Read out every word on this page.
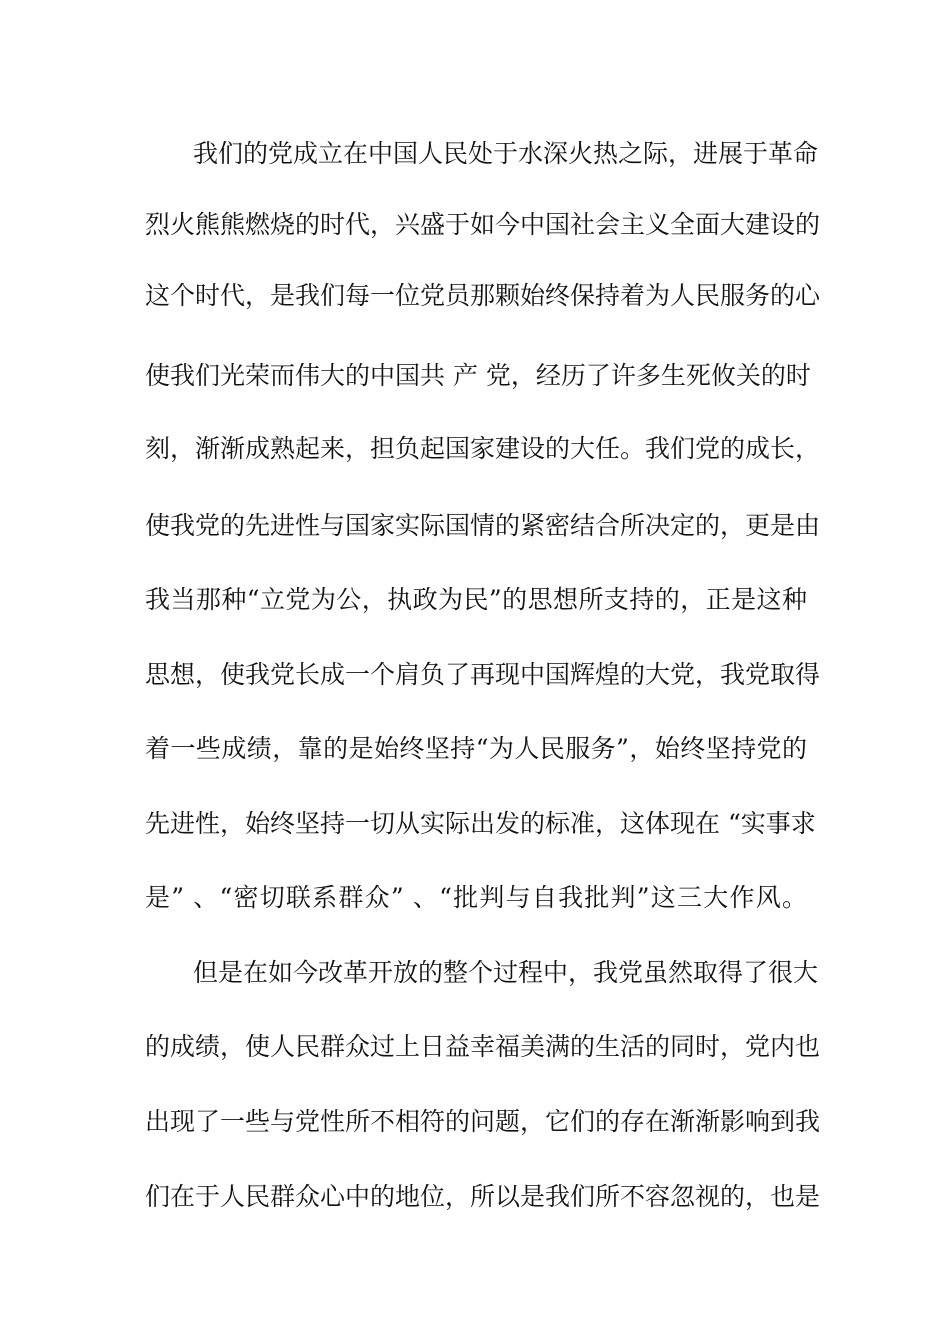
我们的党成立在中国人民处于水深火热之际，进展于革命
烈火熊熊燃烧的时代，兴盛于如今中国社会主义全面大建设的
这个时代，是我们每一位党员那颗始终保持着为人民服务的心
使我们光荣而伟大的中国共 产 党，经历了许多生死攸关的时
刻，渐渐成熟起来，担负起国家建设的大任。我们党的成长，
使我党的先进性与国家实际国情的紧密结合所决定的，更是由
我当那种“立党为公，执政为民”的思想所支持的，正是这种
思想，使我党长成一个肩负了再现中国辉煌的大党，我党取得
着一些成绩，靠的是始终坚持“为人民服务”，始终坚持党的
先进性，始终坚持一切从实际出发的标准，这体现在 “实事求
是” 、“密切联系群众” 、“批判与自我批判”这三大作风。
但是在如今改革开放的整个过程中，我党虽然取得了很大
的成绩，使人民群众过上日益幸福美满的生活的同时，党内也
出现了一些与党性所不相符的问题，它们的存在渐渐影响到我
们在于人民群众心中的地位，所以是我们所不容忽视的，也是
